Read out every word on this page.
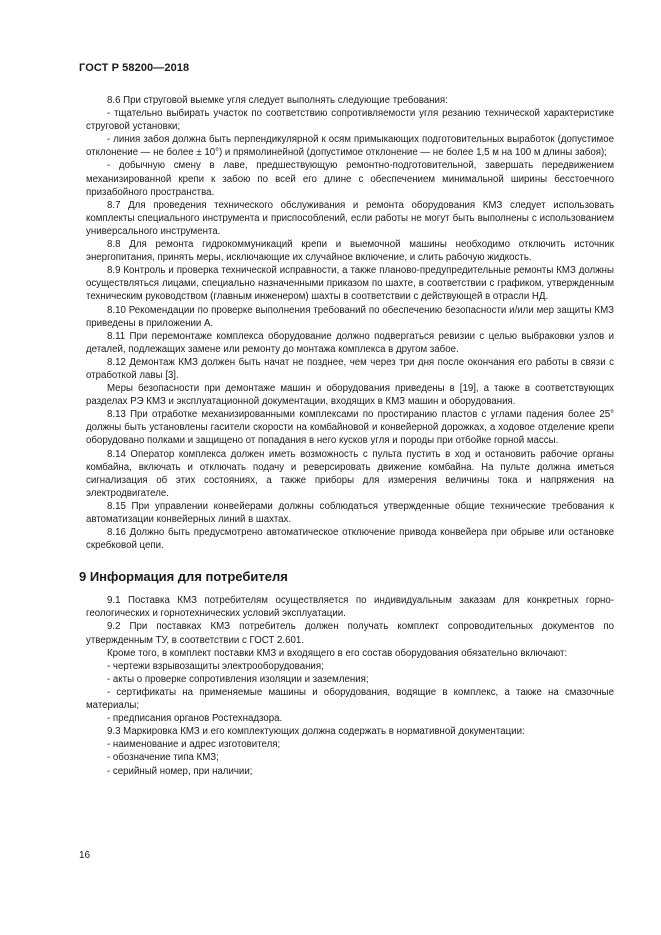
ГОСТ Р 58200—2018

8.6 При струговой выемке угля следует выполнять следующие требования:

- тщательно выбирать участок по соответствию сопротивляемости угля резанию технической характеристике струговой установки;

- линия забоя должна быть перпендикулярной к осям примыкающих подготовительных выработок (допустимое отклонение — не более ± 10°) и прямолинейной (допустимое отклонение — не более 1,5 м на 100 м длины забоя);

- добычную смену в лаве, предшествующую ремонтно-подготовительной, завершать передвижением механизированной крепи к забою по всей его длине с обеспечением минимальной ширины бесстоечного призабойного пространства.

8.7 Для проведения технического обслуживания и ремонта оборудования КМЗ следует использовать комплекты специального инструмента и приспособлений, если работы не могут быть выполнены с использованием универсального инструмента.

8.8 Для ремонта гидрокоммуникаций крепи и выемочной машины необходимо отключить источник энергопитания, принять меры, исключающие их случайное включение, и слить рабочую жидкость.

8.9 Контроль и проверка технической исправности, а также планово-предупредительные ремонты КМЗ должны осуществляться лицами, специально назначенными приказом по шахте, в соответствии с графиком, утвержденным техническим руководством (главным инженером) шахты в соответствии с действующей в отрасли НД.

8.10 Рекомендации по проверке выполнения требований по обеспечению безопасности и/или мер защиты КМЗ приведены в приложении А.

8.11 При перемонтаже комплекса оборудование должно подвергаться ревизии с целью выбраковки узлов и деталей, подлежащих замене или ремонту до монтажа комплекса в другом забое.

8.12 Демонтаж КМЗ должен быть начат не позднее, чем через три дня после окончания его работы в связи с отработкой лавы [3].

Меры безопасности при демонтаже машин и оборудования приведены в [19], а также в соответствующих разделах РЭ КМЗ и эксплуатационной документации, входящих в КМЗ машин и оборудования.

8.13 При отработке механизированными комплексами по простиранию пластов с углами падения более 25° должны быть установлены гасители скорости на комбайновой и конвейерной дорожках, а ходовое отделение крепи оборудовано полками и защищено от попадания в него кусков угля и породы при отбойке горной массы.

8.14 Оператор комплекса должен иметь возможность с пульта пустить в ход и остановить рабочие органы комбайна, включать и отключать подачу и реверсировать движение комбайна. На пульте должна иметься сигнализация об этих состояниях, а также приборы для измерения величины тока и напряжения на электродвигателе.

8.15 При управлении конвейерами должны соблюдаться утвержденные общие технические требования к автоматизации конвейерных линий в шахтах.

8.16 Должно быть предусмотрено автоматическое отключение привода конвейера при обрыве или остановке скребковой цепи.

9 Информация для потребителя

9.1 Поставка КМЗ потребителям осуществляется по индивидуальным заказам для конкретных горно-геологических и горнотехнических условий эксплуатации.

9.2 При поставках КМЗ потребитель должен получать комплект сопроводительных документов по утвержденным ТУ, в соответствии с ГОСТ 2.601.

Кроме того, в комплект поставки КМЗ и входящего в его состав оборудования обязательно включают:

- чертежи взрывозащиты электрооборудования;

- акты о проверке сопротивления изоляции и заземления;

- сертификаты на применяемые машины и оборудования, водящие в комплекс, а также на смазочные материалы;

- предписания органов Ростехнадзора.

9.3 Маркировка КМЗ и его комплектующих должна содержать в нормативной документации:

- наименование и адрес изготовителя;

- обозначение типа КМЗ;

- серийный номер, при наличии;

16
